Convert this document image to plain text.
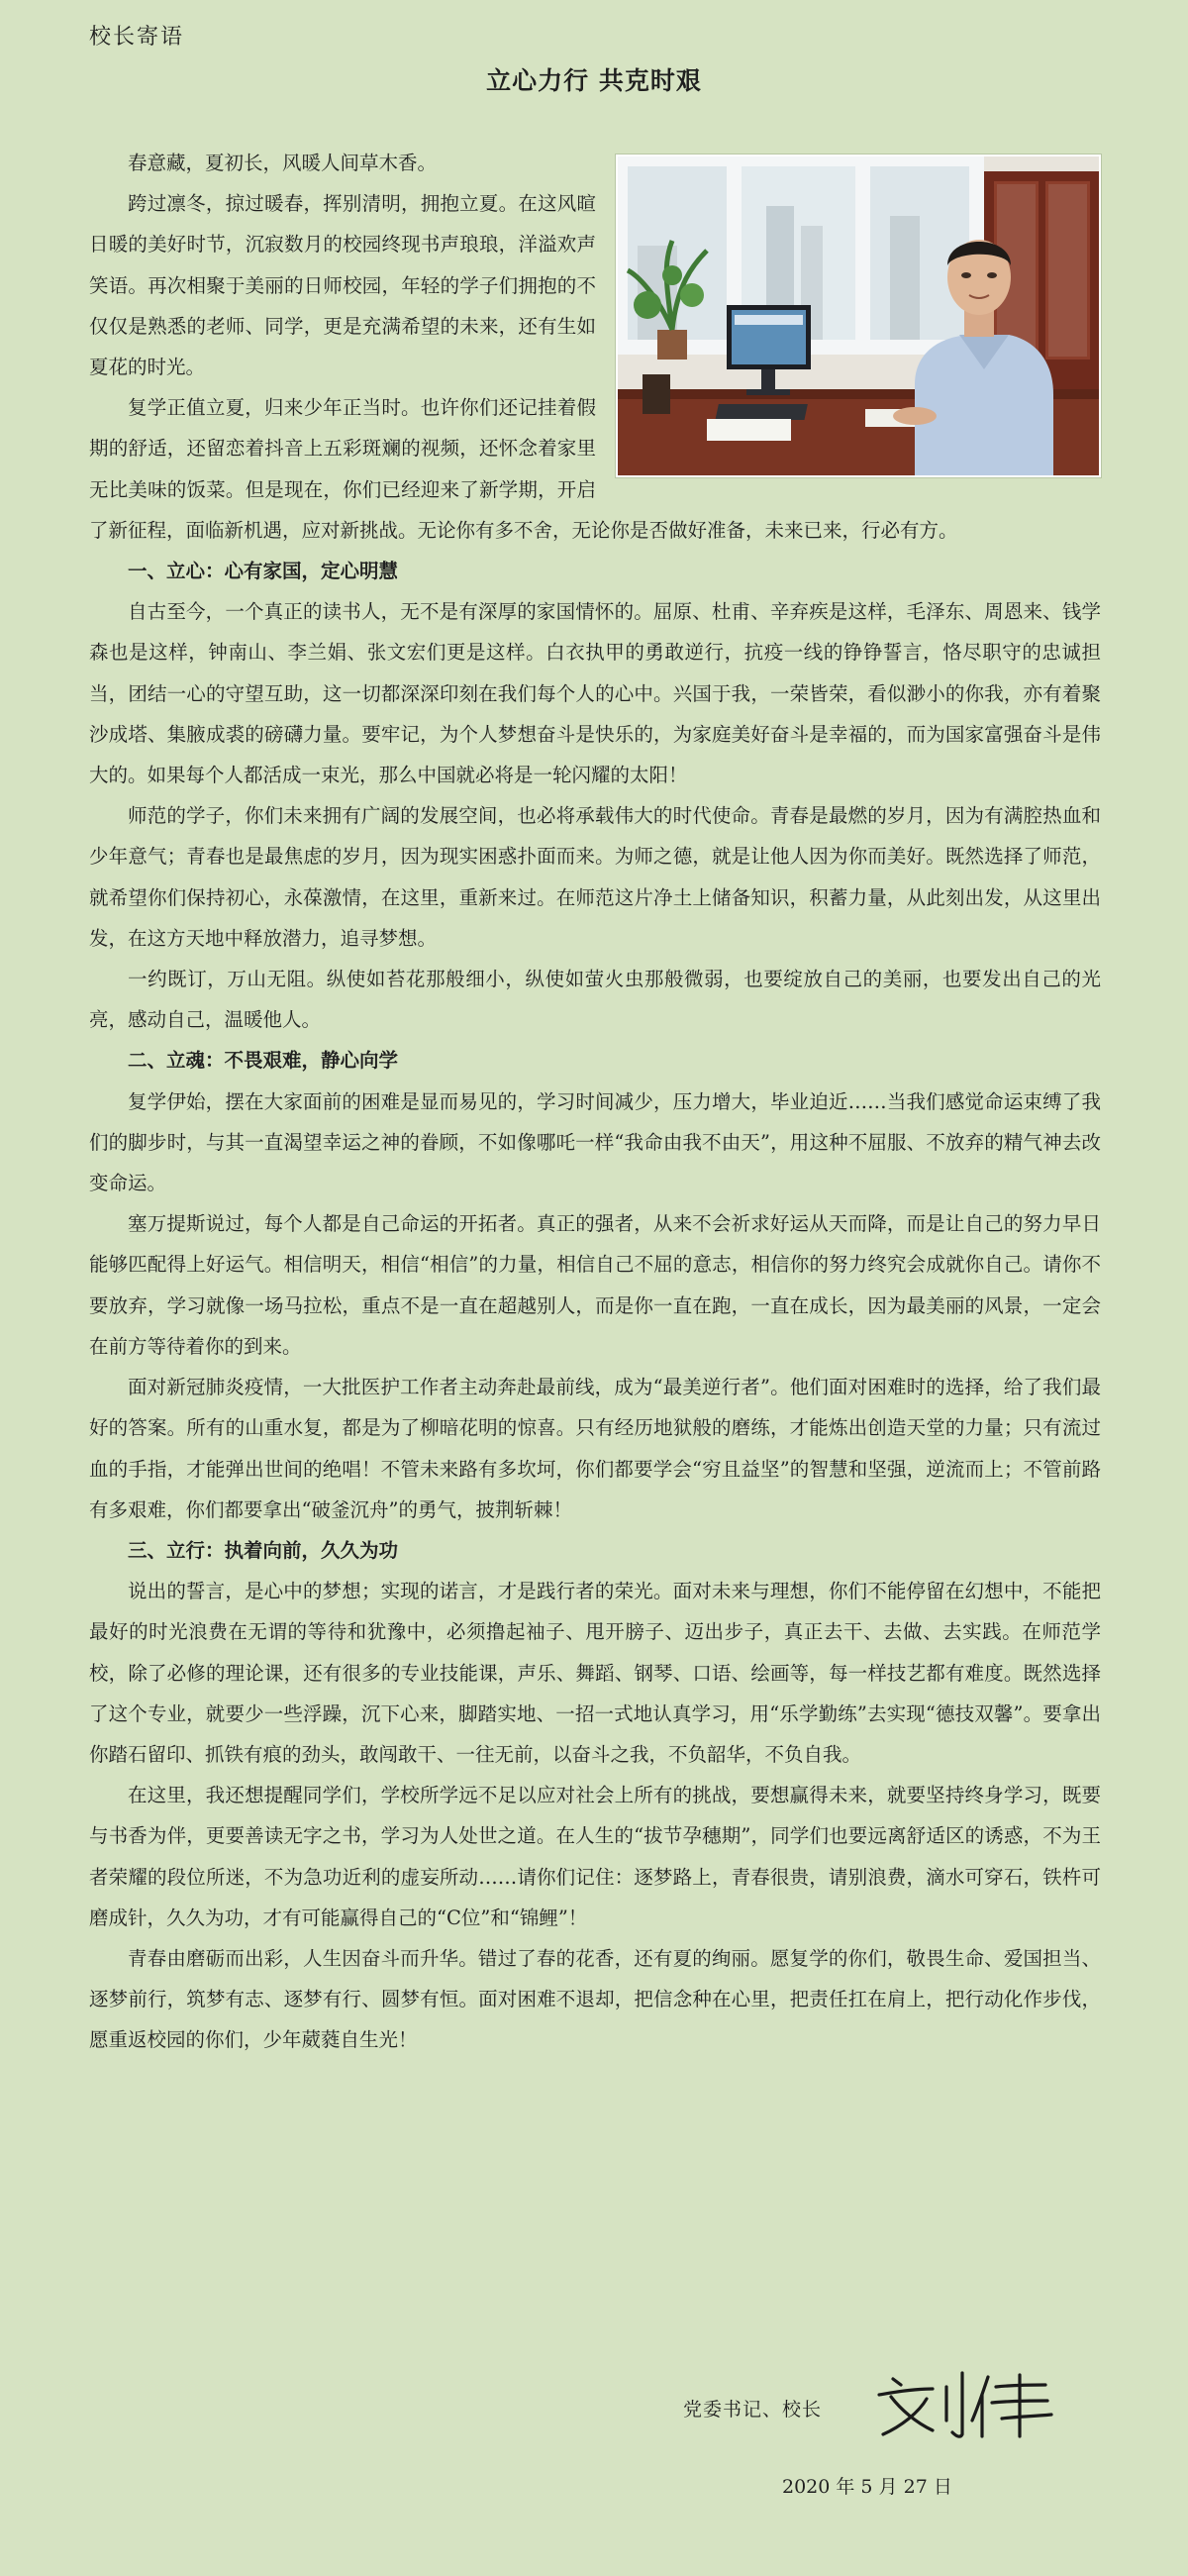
校长寄语
立心力行 共克时艰

春意藏，夏初长，风暖人间草木香。

跨过凛冬，掠过暖春，挥别清明，拥抱立夏。在这风暄日暖的美好时节，沉寂数月的校园终现书声琅琅，洋溢欢声笑语。再次相聚于美丽的日师校园，年轻的学子们拥抱的不仅仅是熟悉的老师、同学，更是充满希望的未来，还有生如夏花的时光。

复学正值立夏，归来少年正当时。也许你们还记挂着假期的舒适，还留恋着抖音上五彩斑斓的视频，还怀念着家里无比美味的饭菜。但是现在，你们已经迎来了新学期，开启了新征程，面临新机遇，应对新挑战。无论你有多不舍，无论你是否做好准备，未来已来，行必有方。

一、立心：心有家国，定心明慧

自古至今，一个真正的读书人，无不是有深厚的家国情怀的。屈原、杜甫、辛弃疾是这样，毛泽东、周恩来、钱学森也是这样，钟南山、李兰娟、张文宏们更是这样。白衣执甲的勇敢逆行，抗疫一线的铮铮誓言，恪尽职守的忠诚担当，团结一心的守望互助，这一切都深深印刻在我们每个人的心中。兴国于我，一荣皆荣，看似渺小的你我，亦有着聚沙成塔、集腋成裘的磅礴力量。要牢记，为个人梦想奋斗是快乐的，为家庭美好奋斗是幸福的，而为国家富强奋斗是伟大的。如果每个人都活成一束光，那么中国就必将是一轮闪耀的太阳！

师范的学子，你们未来拥有广阔的发展空间，也必将承载伟大的时代使命。青春是最燃的岁月，因为有满腔热血和少年意气；青春也是最焦虑的岁月，因为现实困惑扑面而来。为师之德，就是让他人因为你而美好。既然选择了师范，就希望你们保持初心，永葆激情，在这里，重新来过。在师范这片净土上储备知识，积蓄力量，从此刻出发，从这里出发，在这方天地中释放潜力，追寻梦想。

一约既订，万山无阻。纵使如苔花那般细小，纵使如萤火虫那般微弱，也要绽放自己的美丽，也要发出自己的光亮，感动自己，温暖他人。

二、立魂：不畏艰难，静心向学

复学伊始，摆在大家面前的困难是显而易见的，学习时间减少，压力增大，毕业迫近……当我们感觉命运束缚了我们的脚步时，与其一直渴望幸运之神的眷顾，不如像哪吒一样“我命由我不由天”，用这种不屈服、不放弃的精气神去改变命运。

塞万提斯说过，每个人都是自己命运的开拓者。真正的强者，从来不会祈求好运从天而降，而是让自己的努力早日能够匹配得上好运气。相信明天，相信“相信”的力量，相信自己不屈的意志，相信你的努力终究会成就你自己。请你不要放弃，学习就像一场马拉松，重点不是一直在超越别人，而是你一直在跑，一直在成长，因为最美丽的风景，一定会在前方等待着你的到来。

面对新冠肺炎疫情，一大批医护工作者主动奔赴最前线，成为“最美逆行者”。他们面对困难时的选择，给了我们最好的答案。所有的山重水复，都是为了柳暗花明的惊喜。只有经历地狱般的磨练，才能炼出创造天堂的力量；只有流过血的手指，才能弹出世间的绝唱！不管未来路有多坎坷，你们都要学会“穷且益坚”的智慧和坚强，逆流而上；不管前路有多艰难，你们都要拿出“破釜沉舟”的勇气，披荆斩棘！

三、立行：执着向前，久久为功

说出的誓言，是心中的梦想；实现的诺言，才是践行者的荣光。面对未来与理想，你们不能停留在幻想中，不能把最好的时光浪费在无谓的等待和犹豫中，必须撸起袖子、甩开膀子、迈出步子，真正去干、去做、去实践。在师范学校，除了必修的理论课，还有很多的专业技能课，声乐、舞蹈、钢琴、口语、绘画等，每一样技艺都有难度。既然选择了这个专业，就要少一些浮躁，沉下心来，脚踏实地、一招一式地认真学习，用“乐学勤练”去实现“德技双馨”。要拿出你踏石留印、抓铁有痕的劲头，敢闯敢干、一往无前，以奋斗之我，不负韶华，不负自我。

在这里，我还想提醒同学们，学校所学远不足以应对社会上所有的挑战，要想赢得未来，就要坚持终身学习，既要与书香为伴，更要善读无字之书，学习为人处世之道。在人生的“拔节孕穗期”，同学们也要远离舒适区的诱惑，不为王者荣耀的段位所迷，不为急功近利的虚妄所动……请你们记住：逐梦路上，青春很贵，请别浪费，滴水可穿石，铁杵可磨成针，久久为功，才有可能赢得自己的“C位”和“锦鲤”！

青春由磨砺而出彩，人生因奋斗而升华。错过了春的花香，还有夏的绚丽。愿复学的你们，敬畏生命、爱国担当、逐梦前行，筑梦有志、逐梦有行、圆梦有恒。面对困难不退却，把信念种在心里，把责任扛在肩上，把行动化作步伐，愿重返校园的你们，少年葳蕤自生光！

党委书记、校长
2020 年 5 月 27 日
